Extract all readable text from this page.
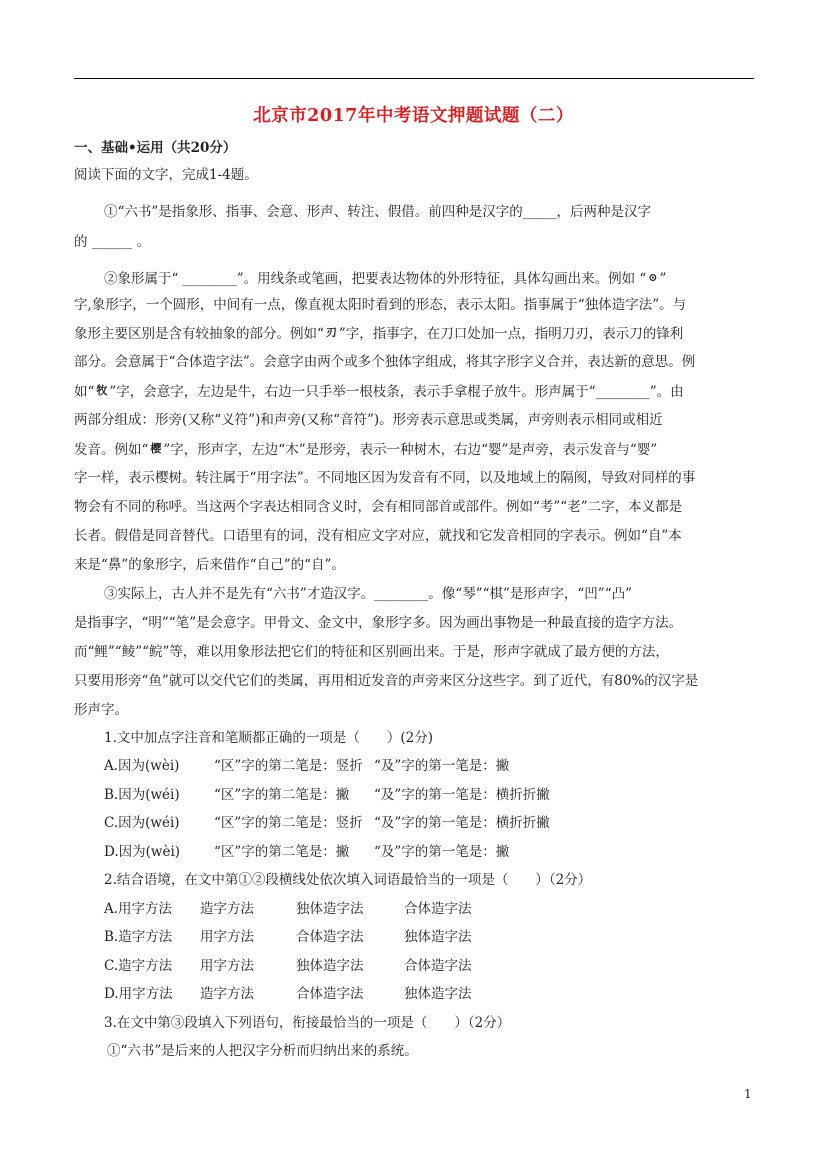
北京市2017年中考语文押题试题（二）
一、基础•运用（共20分）
阅读下面的文字，完成1-4题。
①“六书”是指象形、指事、会意、形声、转注、假借。前四种是汉字的_____，后两种是汉字
的 ______ 。
②象形属于“ ________”。用线条或笔画，把要表达物体的外形特征，具体勾画出来。例如 “ ⊙ ”
字,象形字，一个圆形，中间有一点，像直视太阳时看到的形态，表示太阳。指事属于“独体造字法”。与
象形主要区别是含有较抽象的部分。例如“ 刃 ”字，指事字，在刀口处加一点，指明刀刃，表示刀的锋利
部分。会意属于“合体造字法”。会意字由两个或多个独体字组成，将其字形字义合并，表达新的意思。例
如“ 牧 ”字，会意字，左边是牛，右边一只手举一根枝条，表示手拿棍子放牛。形声属于“________”。由
两部分组成：形旁(又称“义符”)和声旁(又称“音符”)。形旁表示意思或类属，声旁则表示相同或相近
发音。例如“ 樱 ”字，形声字，左边“木”是形旁，表示一种树木，右边“婴”是声旁，表示发音与“婴”
字一样，表示樱树。转注属于“用字法”。不同地区因为发音有不同，以及地域上的隔阂，导致对同样的事
物会有不同的称呼。当这两个字表达相同含义时，会有相同部首或部件。例如“考”“老”二字，本义都是
长者。假借是同音替代。口语里有的词，没有相应文字对应，就找和它发音相同的字表示。例如“自”本
来是“鼻”的象形字，后来借作“自己”的“自”。
③实际上，古人并不是先有“六书”才造汉字。________。像“琴”“棋”是形声字，“凹”“凸”
是指事字，“明”“笔”是会意字。甲骨文、金文中，象形字多。因为画出事物是一种最直接的造字方法。
而“鲤”“鲮”“鲩”等，难以用象形法把它们的特征和区别画出来。于是，形声字就成了最方便的方法，
只要用形旁“鱼”就可以交代它们的类属，再用相近发音的声旁来区分这些字。到了近代，有80%的汉字是
形声字。
1.文中加点字注音和笔顺都正确的一项是（　　）(2分)
A.因为(wèi)	“区”字的第二笔是：竖折 “及”字的第一笔是：撇
B.因为(wéi)	“区”字的第二笔是：撇	“及”字的第一笔是：横折折撇
C.因为(wéi)	“区”字的第二笔是：竖折 “及”字的第一笔是：横折折撇
D.因为(wèi)	“区”字的第二笔是：撇	“及”字的第一笔是：撇
2.结合语境，在文中第①②段横线处依次填入词语最恰当的一项是（　　）（2分）
A.用字方法	造字方法	独体造字法	合体造字法
B.造字方法	用字方法	合体造字法	独体造字法
C.造字方法	用字方法	独体造字法	合体造字法
D.用字方法	造字方法	合体造字法	独体造字法
3.在文中第③段填入下列语句，衔接最恰当的一项是（　　）（2分）
①“六书”是后来的人把汉字分析而归纳出来的系统。
1
